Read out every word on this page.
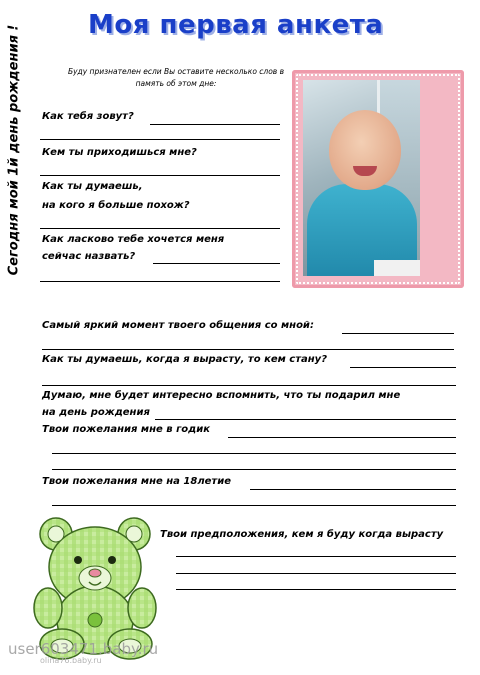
Моя первая анкета
Сегодня мой 1й день рождения !	Буду признателен если Вы оставите несколько слов в память об этом дне:
Как тебя зовут?
Кем ты приходишься мне?
Как ты думаешь,
на кого я больше похож?
Как ласково тебе хочется меня
сейчас назвать?
Самый яркий момент твоего общения со мной:
Как ты думаешь, когда я вырасту, то кем стану?
Думаю, мне будет интересно вспомнить, что ты подарил мне
на день рождения
Твои пожелания мне в годик
Твои пожелания мне на 18летие
Твои предположения, кем я буду когда вырасту
user603471.baby.ru
olina76.baby.ru
